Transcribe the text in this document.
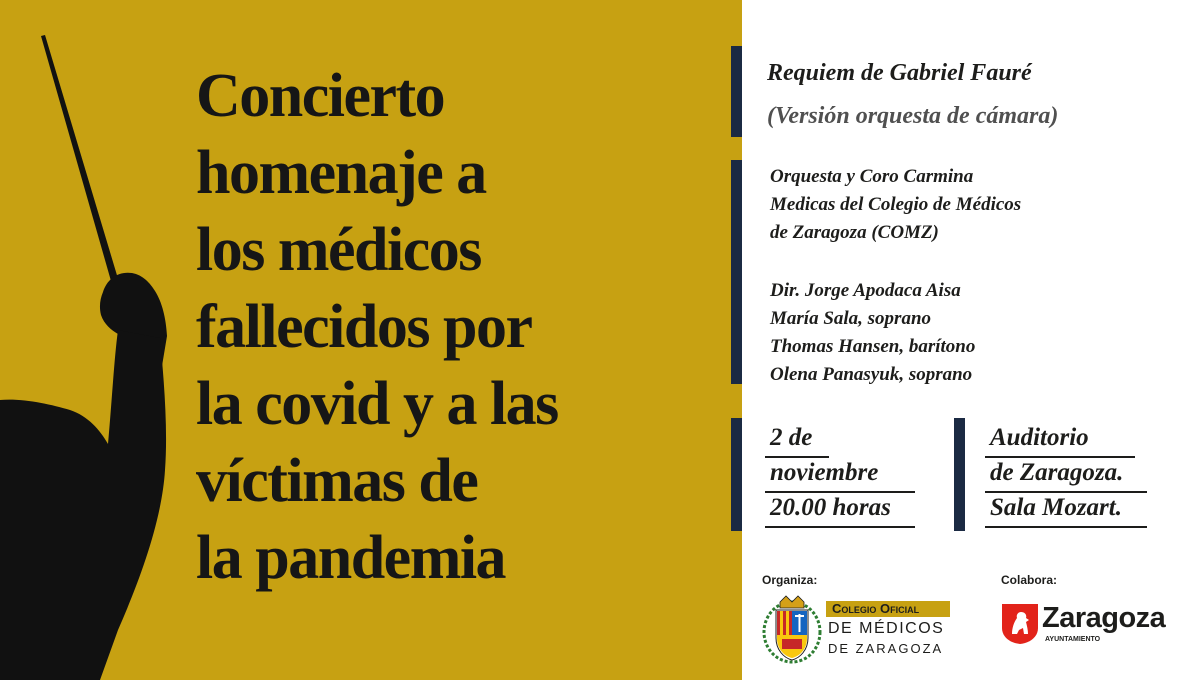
Concierto
homenaje a
los médicos
fallecidos por
la covid y a las
víctimas de
la pandemia

Requiem de Gabriel Fauré

(Versión orquesta de cámara)

Orquesta y Coro Carmina

Medicas del Colegio de Médicos

de Zaragoza (COMZ)

Dir. Jorge Apodaca Aisa

María Sala, soprano

Thomas Hansen, barítono

Olena Panasyuk, soprano

2 de

noviembre

20.00 horas

Auditorio

de Zaragoza.

Sala Mozart.

Organiza:

Colegio Oficial

DE MÉDICOS

DE ZARAGOZA

Colabora:

Zaragoza

AYUNTAMIENTO
